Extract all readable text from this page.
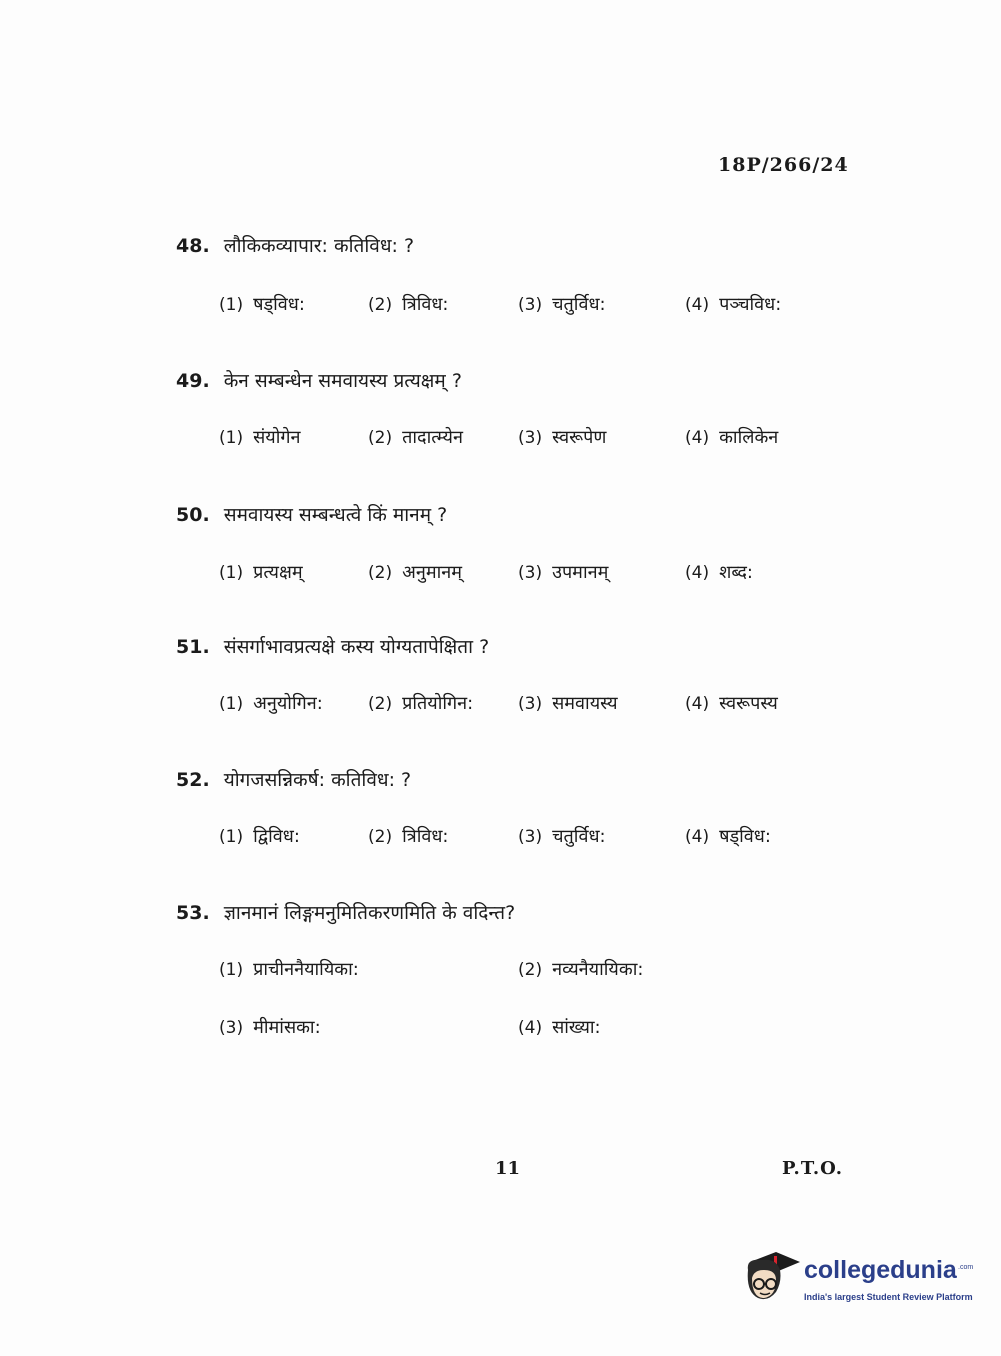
18P/266/24
48. लौकिकव्यापार: कतिविध: ?
(1) षड्विध:	(2) त्रिविध:	(3) चतुर्विध:	(4) पञ्चविध:
49. केन सम्बन्धेन समवायस्य प्रत्यक्षम् ?
(1) संयोगेन	(2) तादात्म्येन	(3) स्वरूपेण	(4) कालिकेन
50. समवायस्य सम्बन्धत्वे किं मानम् ?
(1) प्रत्यक्षम्	(2) अनुमानम्	(3) उपमानम्	(4) शब्द:
51. संसर्गाभावप्रत्यक्षे कस्य योग्यतापेक्षिता ?
(1) अनुयोगिन:	(2) प्रतियोगिन:	(3) समवायस्य	(4) स्वरूपस्य
52. योगजसन्निकर्ष: कतिविध: ?
(1) द्विविध:	(2) त्रिविध:	(3) चतुर्विध:	(4) षड्विध:
53. ज्ञानमानं लिङ्गमनुमितिकरणमिति के वदिन्त?
(1) प्राचीननैयायिका:	(2) नव्यनैयायिका:
(3) मीमांसका:	(4) सांख्या:
11	P.T.O.
collegedunia .com
India's largest Student Review Platform
